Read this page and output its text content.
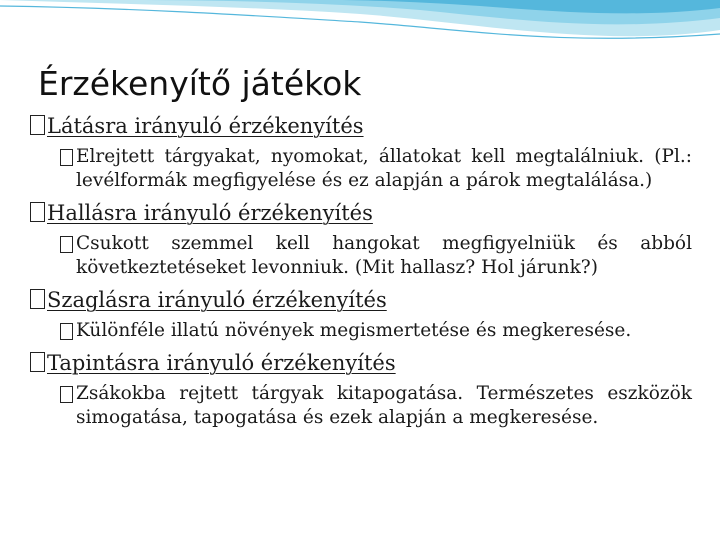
Érzékenyítő játékok
Látásra irányuló érzékenyítés
Elrejtett tárgyakat, nyomokat, állatokat kell megtalálniuk. (Pl.: levélformák megfigyelése és ez alapján a párok megtalálása.)
Hallásra irányuló érzékenyítés
Csukott szemmel kell hangokat megfigyelniük és abból következtetéseket levonniuk. (Mit hallasz? Hol járunk?)
Szaglásra irányuló érzékenyítés
Különféle illatú növények megismertetése és megkeresése.
Tapintásra irányuló érzékenyítés
Zsákokba rejtett tárgyak kitapogatása. Természetes eszközök simogatása, tapogatása és ezek alapján a megkeresése.
